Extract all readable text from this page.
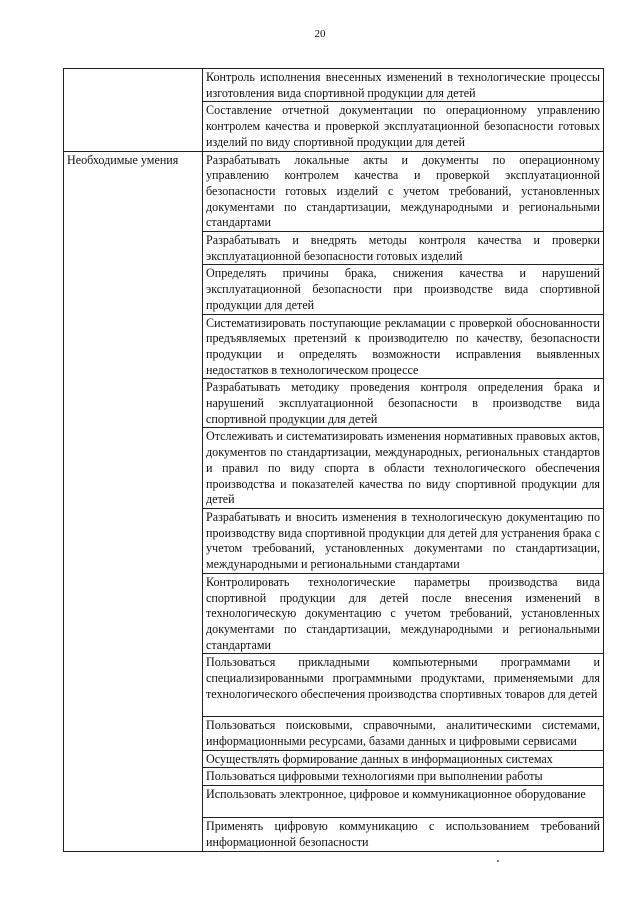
20
	Контроль исполнения внесенных изменений в технологические процессы изготовления вида спортивной продукции для детей
	Составление отчетной документации по операционному управлению контролем качества и проверкой эксплуатационной безопасности готовых изделий по виду спортивной продукции для детей
Необходимые умения	Разрабатывать локальные акты и документы по операционному управлению контролем качества и проверкой эксплуатационной безопасности готовых изделий с учетом требований, установленных документами по стандартизации, международными и региональными стандартами
	Разрабатывать и внедрять методы контроля качества и проверки эксплуатационной безопасности готовых изделий
	Определять причины брака, снижения качества и нарушений эксплуатационной безопасности при производстве вида спортивной продукции для детей
	Систематизировать поступающие рекламации с проверкой обоснованности предъявляемых претензий к производителю по качеству, безопасности продукции и определять возможности исправления выявленных недостатков в технологическом процессе
	Разрабатывать методику проведения контроля определения брака и нарушений эксплуатационной безопасности в производстве вида спортивной продукции для детей
	Отслеживать и систематизировать изменения нормативных правовых актов, документов по стандартизации, международных, региональных стандартов и правил по виду спорта в области технологического обеспечения производства и показателей качества по виду спортивной продукции для детей
	Разрабатывать и вносить изменения в технологическую документацию по производству вида спортивной продукции для детей для устранения брака с учетом требований, установленных документами по стандартизации, международными и региональными стандартами
	Контролировать технологические параметры производства вида спортивной продукции для детей после внесения изменений в технологическую документацию с учетом требований, установленных документами по стандартизации, международными и региональными стандартами
	Пользоваться прикладными компьютерными программами и специализированными программными продуктами, применяемыми для технологического обеспечения производства спортивных товаров для детей
	Пользоваться поисковыми, справочными, аналитическими системами, информационными ресурсами, базами данных и цифровыми сервисами
	Осуществлять формирование данных в информационных системах
	Пользоваться цифровыми технологиями при выполнении работы
	Использовать электронное, цифровое и коммуникационное оборудование
	Применять цифровую коммуникацию с использованием требований информационной безопасности
